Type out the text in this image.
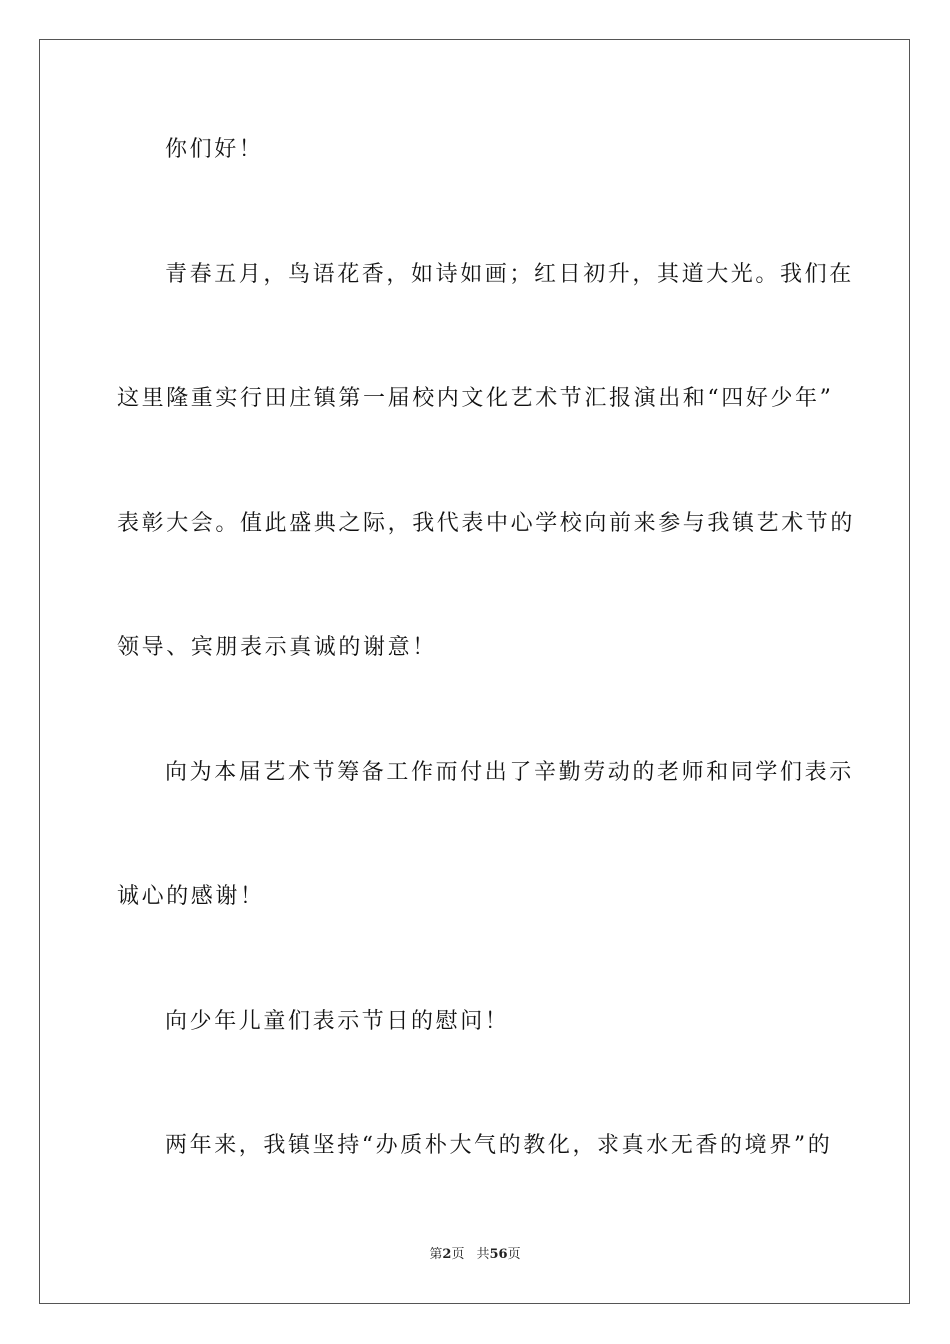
你们好！
青春五月，鸟语花香，如诗如画；红日初升，其道大光。我们在
这里隆重实行田庄镇第一届校内文化艺术节汇报演出和“四好少年”
表彰大会。值此盛典之际，我代表中心学校向前来参与我镇艺术节的
领导、宾朋表示真诚的谢意！
向为本届艺术节筹备工作而付出了辛勤劳动的老师和同学们表示
诚心的感谢！
向少年儿童们表示节日的慰问！
两年来，我镇坚持“办质朴大气的教化，求真水无香的境界”的
第2页 共56页
